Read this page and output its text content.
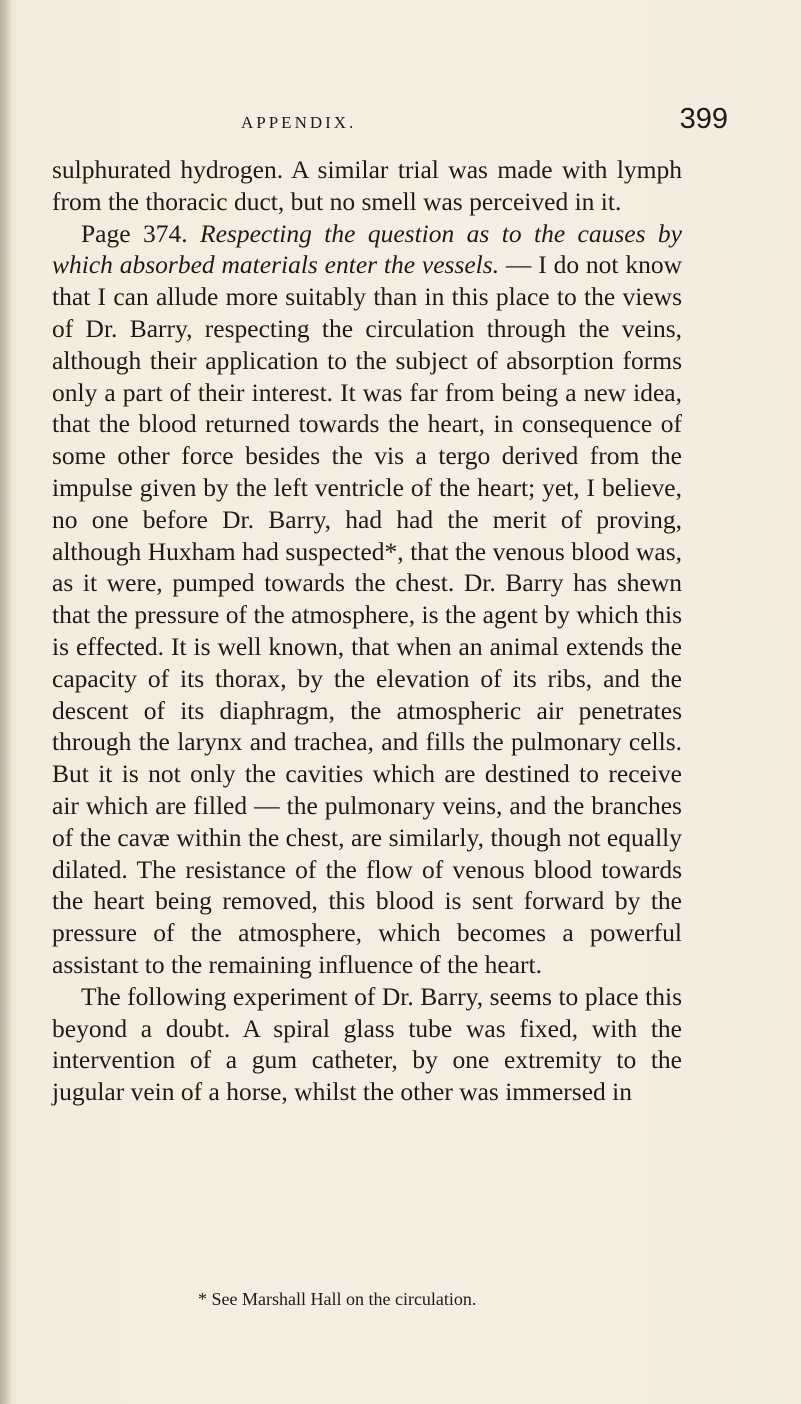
APPENDIX.	399

sulphurated hydrogen. A similar trial was made with lymph from the thoracic duct, but no smell was perceived in it.

Page 374. Respecting the question as to the causes by which absorbed materials enter the vessels. — I do not know that I can allude more suitably than in this place to the views of Dr. Barry, respecting the circulation through the veins, although their application to the subject of absorption forms only a part of their interest. It was far from being a new idea, that the blood returned towards the heart, in consequence of some other force besides the vis a tergo derived from the impulse given by the left ventricle of the heart; yet, I believe, no one before Dr. Barry, had had the merit of proving, although Huxham had suspected*, that the venous blood was, as it were, pumped towards the chest. Dr. Barry has shewn that the pressure of the atmosphere, is the agent by which this is effected. It is well known, that when an animal extends the capacity of its thorax, by the elevation of its ribs, and the descent of its diaphragm, the atmospheric air penetrates through the larynx and trachea, and fills the pulmonary cells. But it is not only the cavities which are destined to receive air which are filled — the pulmonary veins, and the branches of the cavæ within the chest, are similarly, though not equally dilated. The resistance of the flow of venous blood towards the heart being removed, this blood is sent forward by the pressure of the atmosphere, which becomes a powerful assistant to the remaining influence of the heart.

The following experiment of Dr. Barry, seems to place this beyond a doubt. A spiral glass tube was fixed, with the intervention of a gum catheter, by one extremity to the jugular vein of a horse, whilst the other was immersed in

* See Marshall Hall on the circulation.
